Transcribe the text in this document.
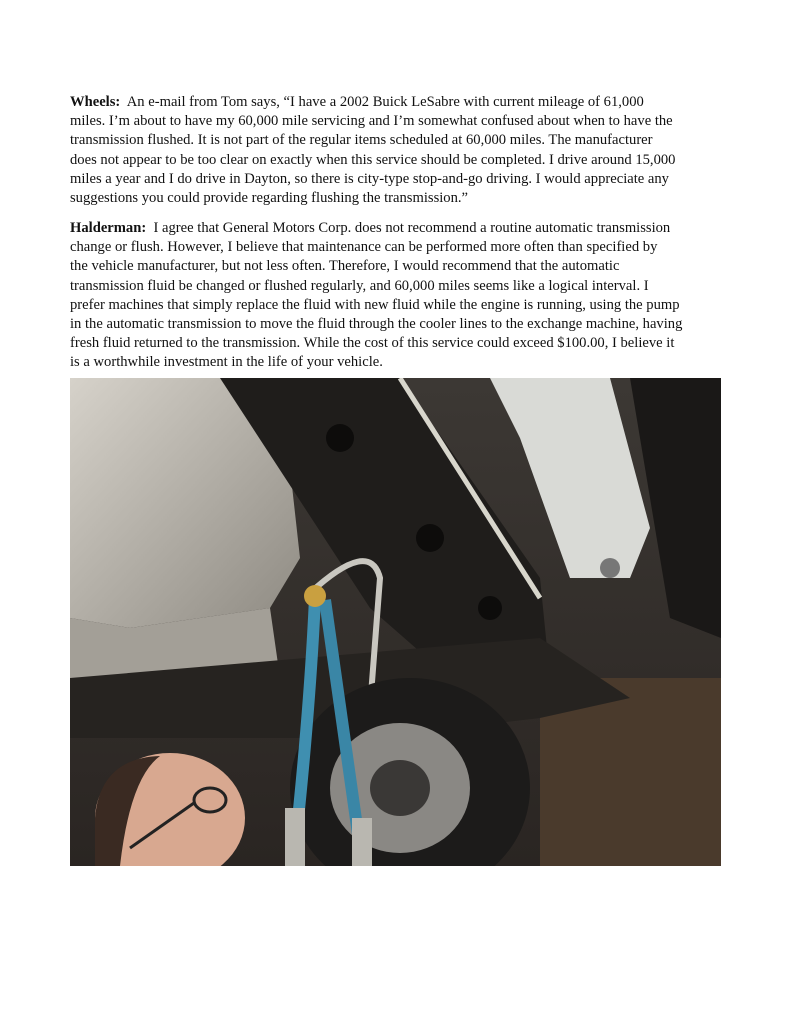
Wheels: An e-mail from Tom says, “I have a 2002 Buick LeSabre with current mileage of 61,000
miles. I’m about to have my 60,000 mile servicing and I’m somewhat confused about when to have the
transmission flushed. It is not part of the regular items scheduled at 60,000 miles. The manufacturer
does not appear to be too clear on exactly when this service should be completed. I drive around 15,000
miles a year and I do drive in Dayton, so there is city-type stop-and-go driving. I would appreciate any
suggestions you could provide regarding flushing the transmission.”
Halderman: I agree that General Motors Corp. does not recommend a routine automatic transmission
change or flush. However, I believe that maintenance can be performed more often than specified by
the vehicle manufacturer, but not less often. Therefore, I would recommend that the automatic
transmission fluid be changed or flushed regularly, and 60,000 miles seems like a logical interval. I
prefer machines that simply replace the fluid with new fluid while the engine is running, using the pump
in the automatic transmission to move the fluid through the cooler lines to the exchange machine, having
fresh fluid returned to the transmission. While the cost of this service could exceed $100.00, I believe it
is a worthwhile investment in the life of your vehicle.
